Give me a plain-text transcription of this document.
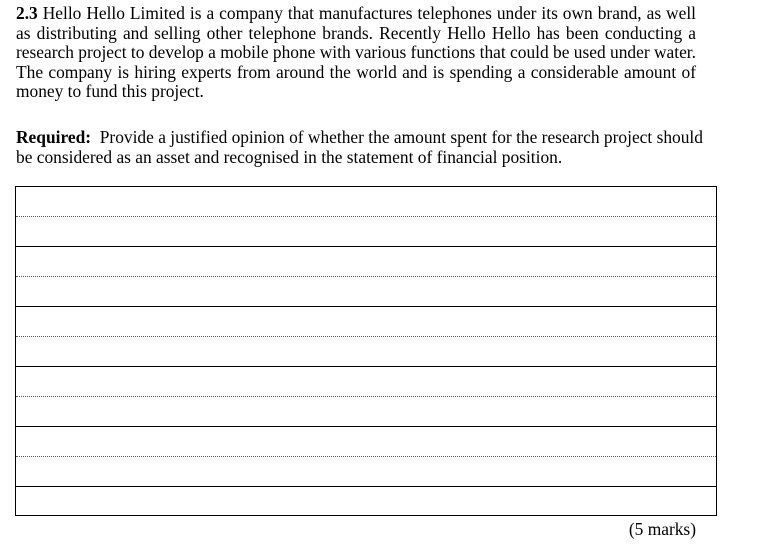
2.3 Hello Hello Limited is a company that manufactures telephones under its own brand, as well as distributing and selling other telephone brands. Recently Hello Hello has been conducting a research project to develop a mobile phone with various functions that could be used under water. The company is hiring experts from around the world and is spending a considerable amount of money to fund this project.
Required: Provide a justified opinion of whether the amount spent for the research project should be considered as an asset and recognised in the statement of financial position.
(5 marks)
